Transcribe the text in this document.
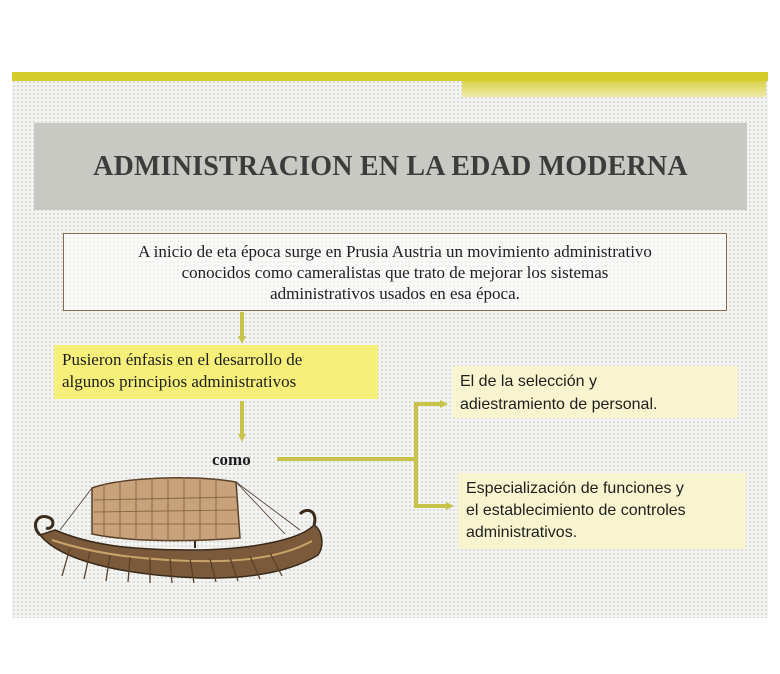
ADMINISTRACION EN LA EDAD MODERNA
A inicio de eta época surge en Prusia Austria un movimiento administrativo
conocidos como cameralistas que trato de mejorar los sistemas
administrativos usados en esa época.
Pusieron énfasis en el desarrollo de
algunos principios administrativos
como
El de la selección y
adiestramiento de personal.
Especialización de funciones y
el establecimiento de controles
administrativos.
